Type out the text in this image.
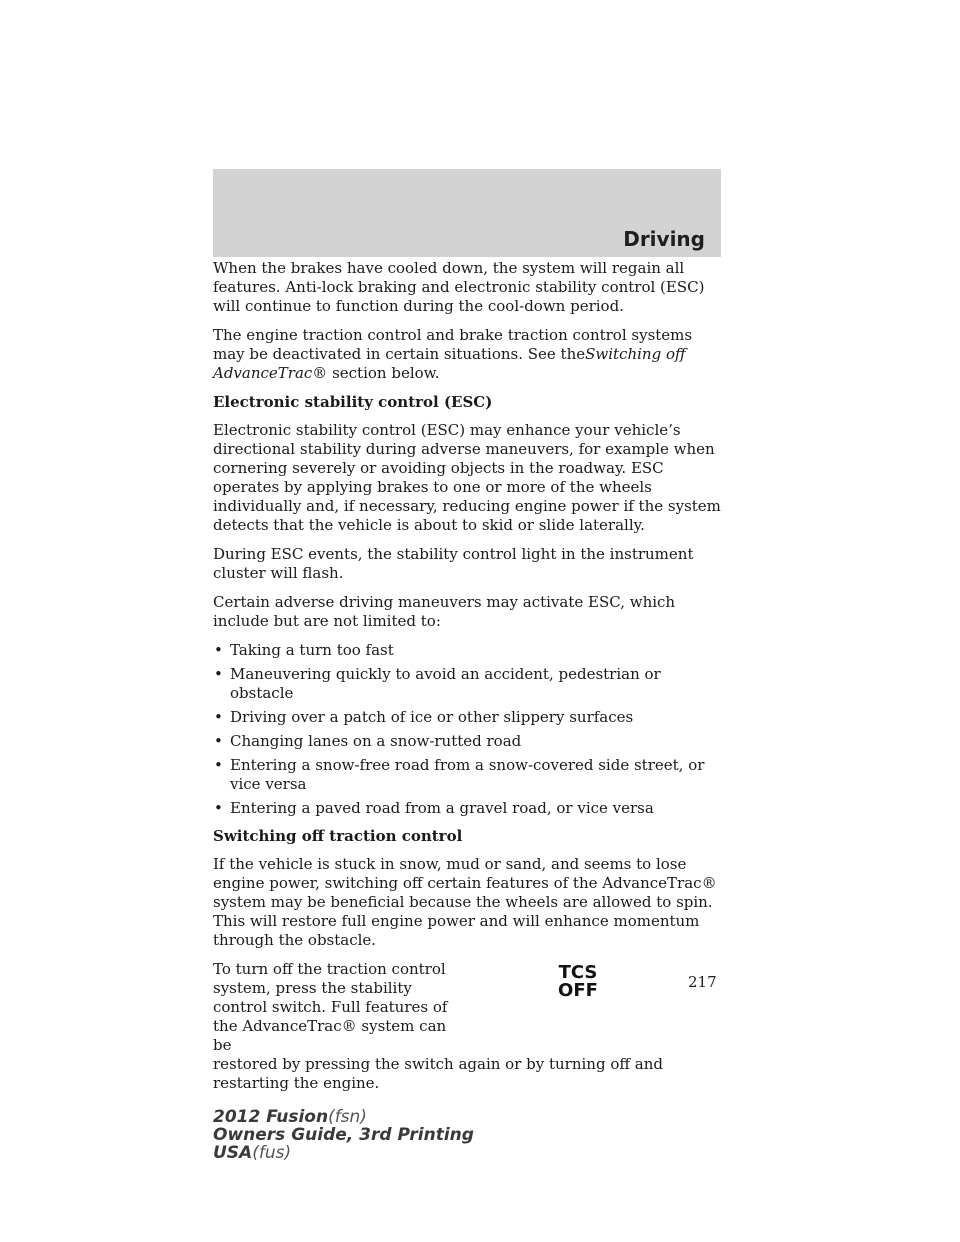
Driving

When the brakes have cooled down, the system will regain all features. Anti-lock braking and electronic stability control (ESC) will continue to function during the cool-down period.

The engine traction control and brake traction control systems may be deactivated in certain situations. See theSwitching off AdvanceTrac® section below.

Electronic stability control (ESC)

Electronic stability control (ESC) may enhance your vehicle’s directional stability during adverse maneuvers, for example when cornering severely or avoiding objects in the roadway. ESC operates by applying brakes to one or more of the wheels individually and, if necessary, reducing engine power if the system detects that the vehicle is about to skid or slide laterally.

During ESC events, the stability control light in the instrument cluster will flash.

Certain adverse driving maneuvers may activate ESC, which include but are not limited to:

• Taking a turn too fast
• Maneuvering quickly to avoid an accident, pedestrian or obstacle
• Driving over a patch of ice or other slippery surfaces
• Changing lanes on a snow-rutted road
• Entering a snow-free road from a snow-covered side street, or vice versa
• Entering a paved road from a gravel road, or vice versa

Switching off traction control

If the vehicle is stuck in snow, mud or sand, and seems to lose engine power, switching off certain features of the AdvanceTrac® system may be beneficial because the wheels are allowed to spin. This will restore full engine power and will enhance momentum through the obstacle.

To turn off the traction control system, press the stability control switch. Full features of the AdvanceTrac® system can be
restored by pressing the switch again or by turning off and restarting the engine.
TCS
OFF	217
2012 Fusion(fsn)
Owners Guide, 3rd Printing
USA(fus)
